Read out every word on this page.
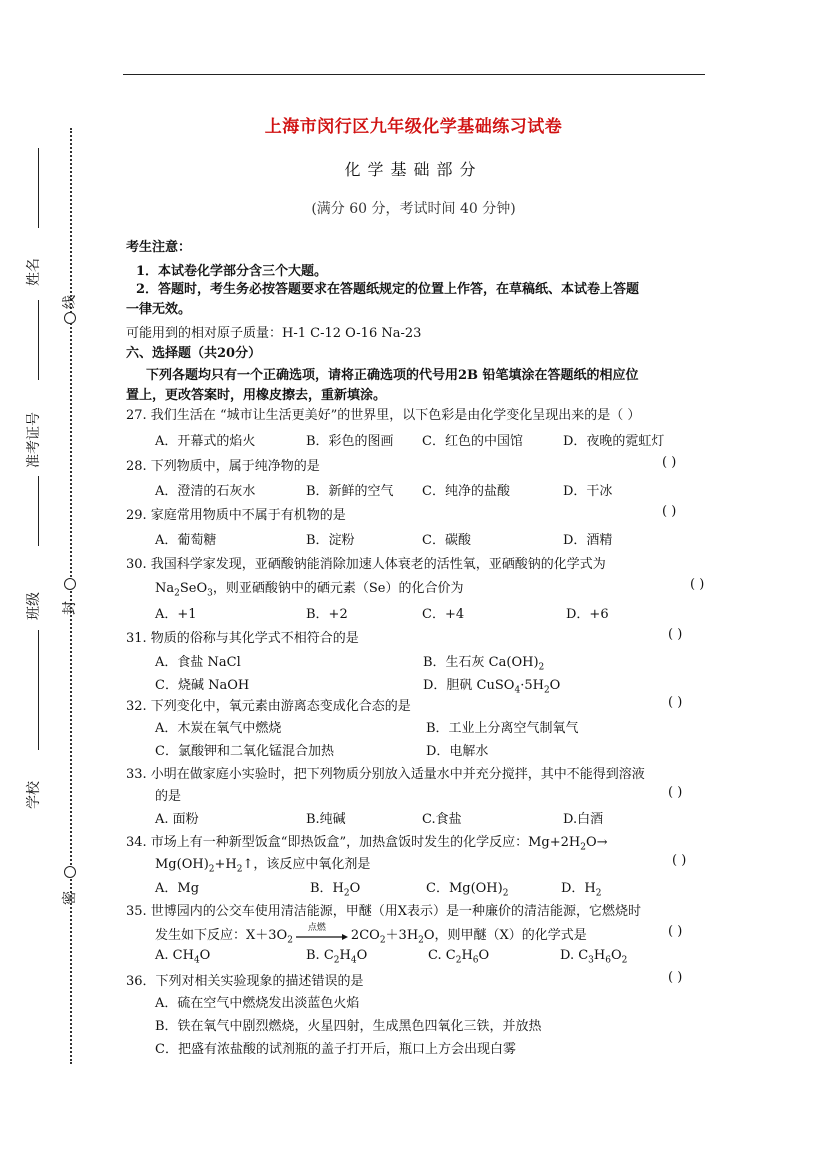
姓名
准考证号
班级
学校
线
封
密
上海市闵行区九年级化学基础练习试卷
化学基础部分
(满分 60 分，考试时间 40 分钟)
考生注意：
1．本试卷化学部分含三个大题。
2．答题时，考生务必按答题要求在答题纸规定的位置上作答，在草稿纸、本试卷上答题
一律无效。
可能用到的相对原子质量：H-1 C-12 O-16 Na-23
六、选择题（共20分）
下列各题均只有一个正确选项，请将正确选项的代号用2B 铅笔填涂在答题纸的相应位
置上，更改答案时，用橡皮擦去，重新填涂。
27. 我们生活在 “城市让生活更美好”的世界里，以下色彩是由化学变化呈现出来的是（ ）
A．开幕式的焰火	B．彩色的图画 C．红色的中国馆	D．夜晚的霓虹灯
28. 下列物质中，属于纯净物的是	( )
A．澄清的石灰水	B．新鲜的空气 C．纯净的盐酸	D．干冰
29. 家庭常用物质中不属于有机物的是	( )
A．葡萄糖	B．淀粉	C．碳酸	D．酒精
30. 我国科学家发现，亚硒酸钠能消除加速人体衰老的活性氧，亚硒酸钠的化学式为
$Na_2SeO_3$，则亚硒酸钠中的硒元素（Se）的化合价为	( )
A．+1	B．+2	C．+4	D．+6
31. 物质的俗称与其化学式不相符合的是	( )
A．食盐 NaCl	B．生石灰 $Ca(OH)_2$
C．烧碱 NaOH	D．胆矾 $CuSO_4\cdot 5H_2O$
32. 下列变化中，氧元素由游离态变成化合态的是	( )
A．木炭在氧气中燃烧	B．工业上分离空气制氧气
C．氯酸钾和二氧化锰混合加热	D．电解水
33. 小明在做家庭小实验时，把下列物质分别放入适量水中并充分搅拌，其中不能得到溶液
的是	( )
A. 面粉	B.纯碱	C.食盐	D.白酒
34. 市场上有一种新型饭盒“即热饭盒”，加热盒饭时发生的化学反应：$Mg+2H_2O\to$
$Mg(OH)_2+H_2↑$，该反应中氧化剂是	( )
A．Mg	B．$H_2O$	C．$Mg(OH)_2$	D．$H_2$
35. 世博园内的公交车使用清洁能源，甲醚（用X表示）是一种廉价的清洁能源，它燃烧时
发生如下反应：$X+3O_2$
点燃
$2CO_2+3H_2O$，则甲醚（X）的化学式是	( )
A. $CH_4O$	B. $C_2H_4O$	C. $C_2H_6O$	D. $C_3H_6O_2$
36．下列对相关实验现象的描述错误的是	( )
A．硫在空气中燃烧发出淡蓝色火焰
B．铁在氧气中剧烈燃烧，火星四射，生成黑色四氧化三铁，并放热
C．把盛有浓盐酸的试剂瓶的盖子打开后，瓶口上方会出现白雾
